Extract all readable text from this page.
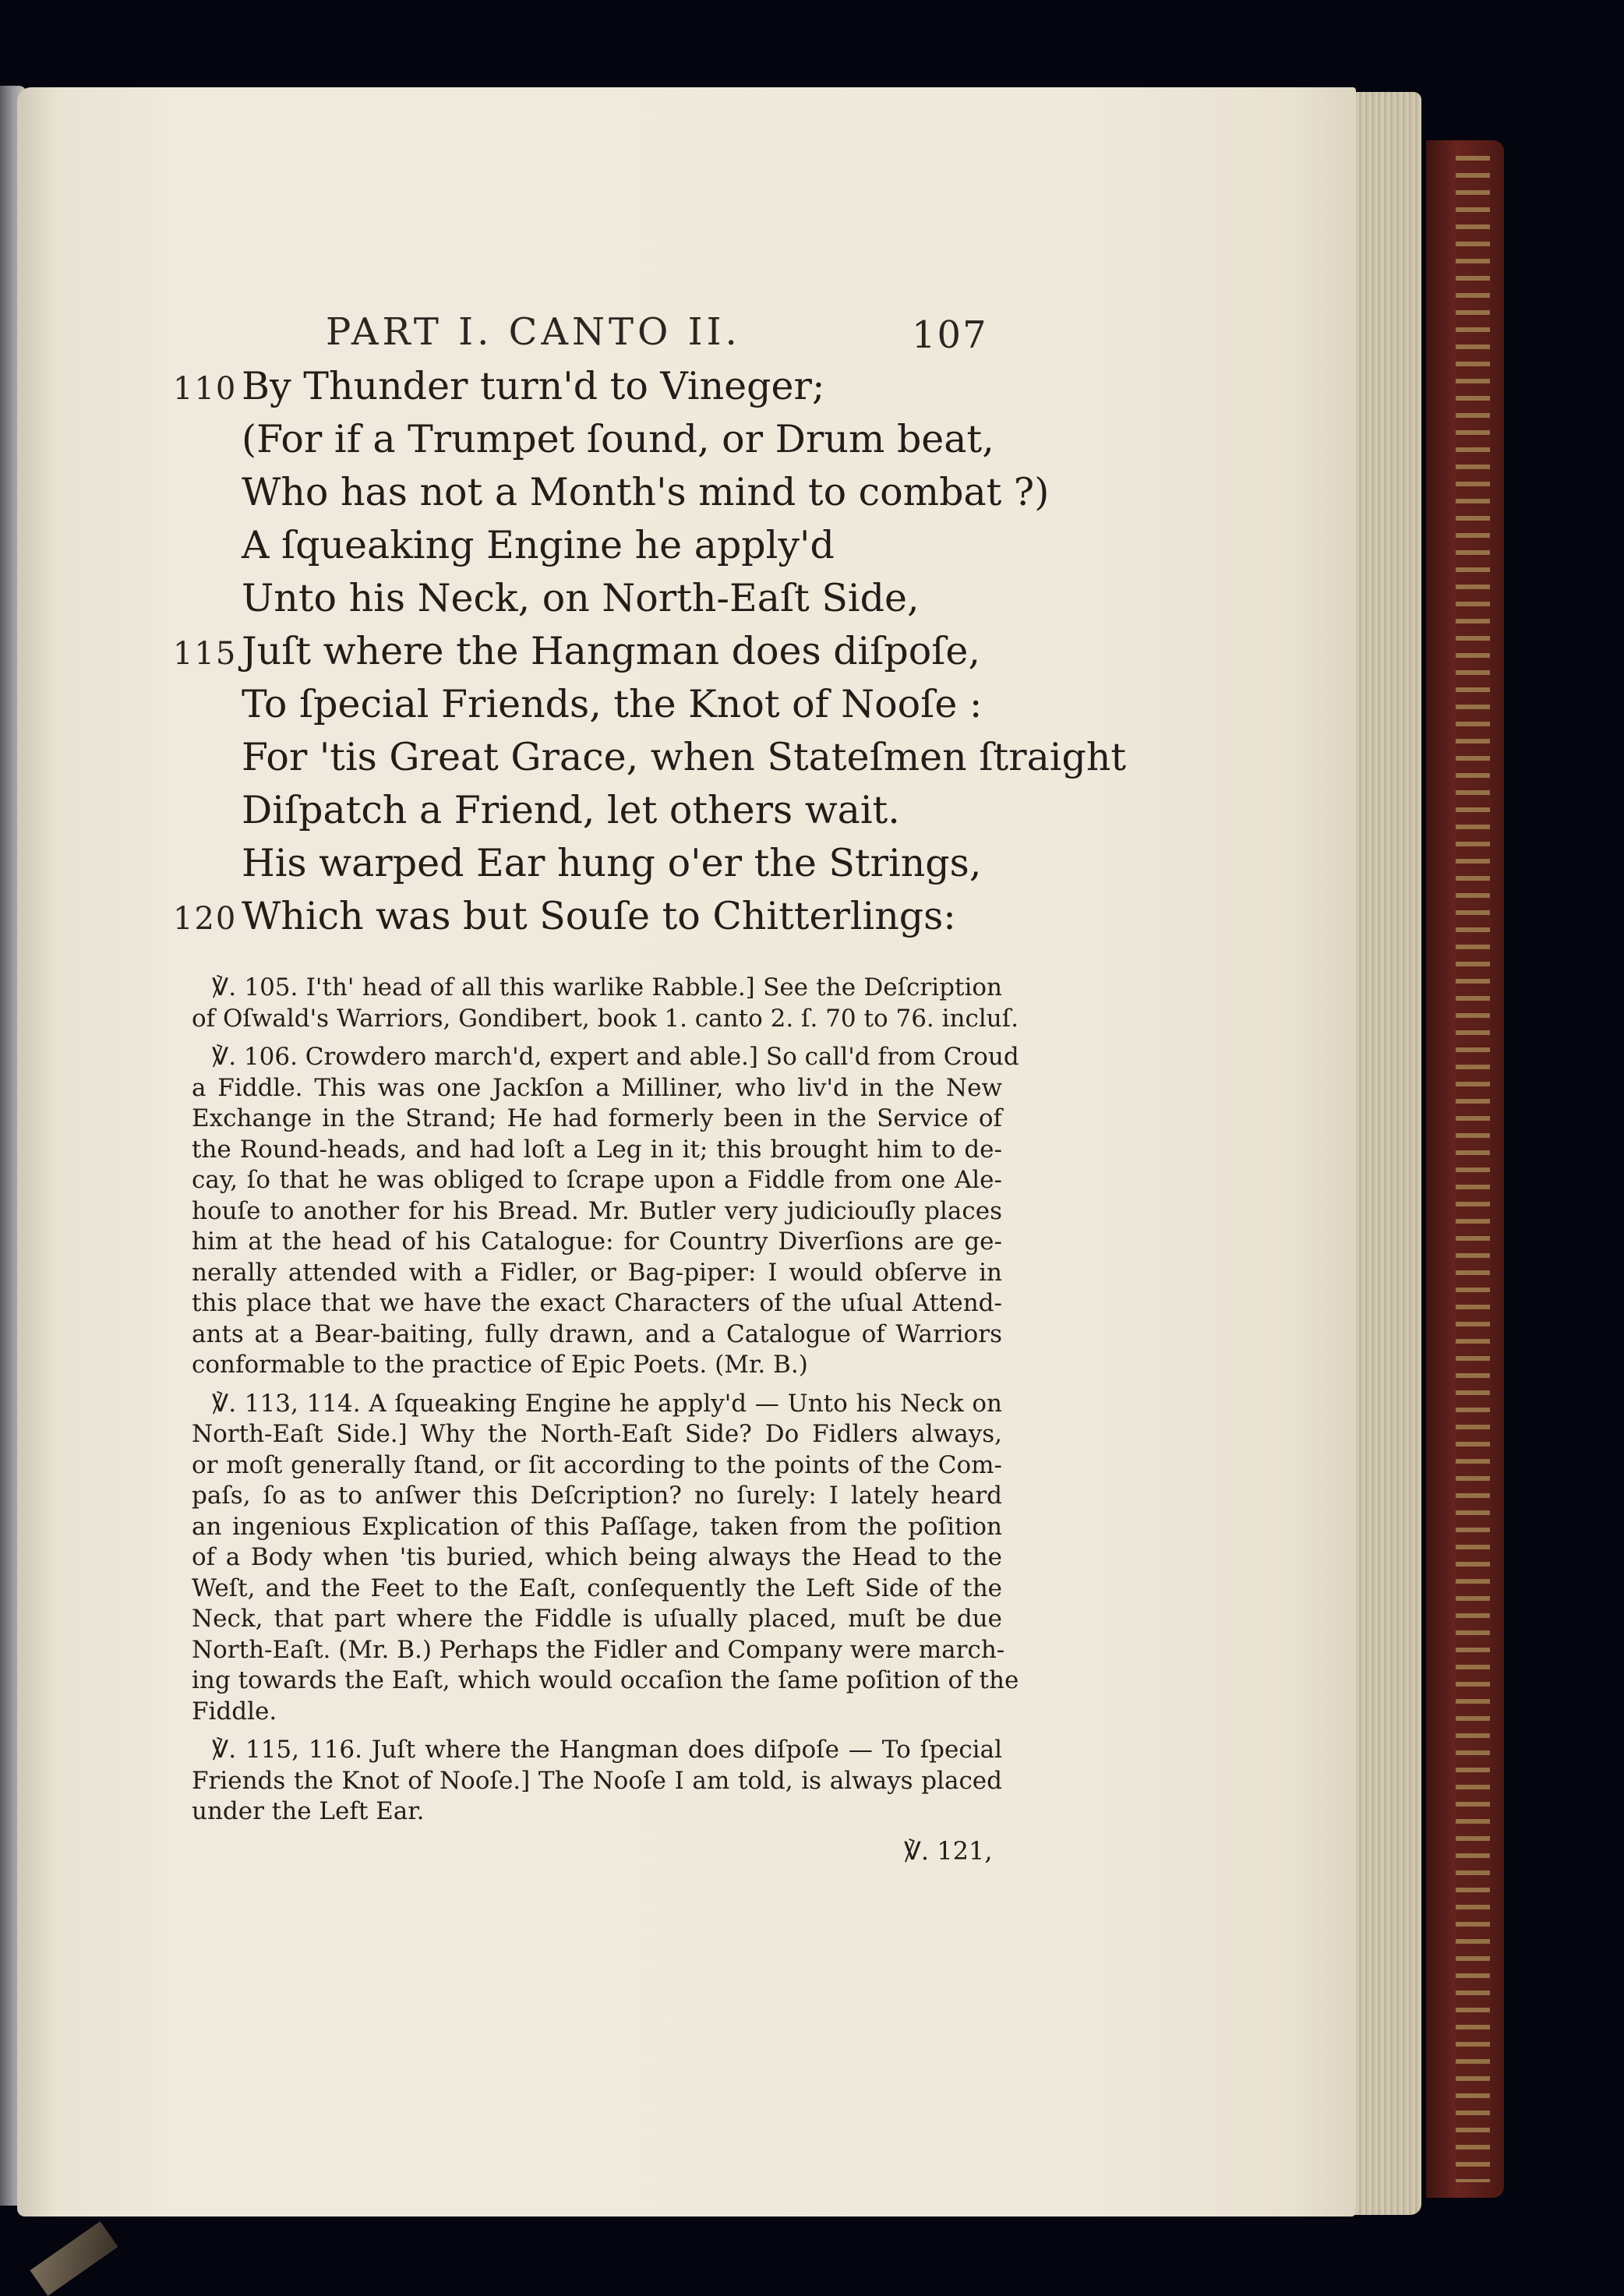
PART I. CANTO II.	107
110 By Thunder turn'd to Vineger;
(For if a Trumpet ſound, or Drum beat,
Who has not a Month's mind to combat ?)
A ſqueaking Engine he apply'd
Unto his Neck, on North-Eaſt Side,
115 Juſt where the Hangman does diſpoſe,
To ſpecial Friends, the Knot of Nooſe :
For 'tis Great Grace, when Stateſmen ſtraight
Diſpatch a Friend, let others wait.
His warped Ear hung o'er the Strings,
120 Which was but Souſe to Chitterlings:
℣. 105. I'th' head of all this warlike Rabble.] See the Deſcription
of Oſwald's Warriors, Gondibert, book 1. canto 2. ſ. 70 to 76. incluſ.
℣. 106. Crowdero march'd, expert and able.] So call'd from Croud
a Fiddle. This was one Jackſon a Milliner, who liv'd in the New
Exchange in the Strand; He had formerly been in the Service of
the Round-heads, and had loſt a Leg in it; this brought him to de-
cay, ſo that he was obliged to ſcrape upon a Fiddle from one Ale-
houſe to another for his Bread. Mr. Butler very judiciouſly places
him at the head of his Catalogue: for Country Diverſions are ge-
nerally attended with a Fidler, or Bag-piper: I would obſerve in
this place that we have the exact Characters of the uſual Attend-
ants at a Bear-baiting, fully drawn, and a Catalogue of Warriors
conformable to the practice of Epic Poets. (Mr. B.)
℣. 113, 114. A ſqueaking Engine he apply'd — Unto his Neck on
North-Eaſt Side.] Why the North-Eaſt Side? Do Fidlers always,
or moſt generally ſtand, or ſit according to the points of the Com-
paſs, ſo as to anſwer this Deſcription? no ſurely: I lately heard
an ingenious Explication of this Paſſage, taken from the poſition
of a Body when 'tis buried, which being always the Head to the
Weſt, and the Feet to the Eaſt, conſequently the Left Side of the
Neck, that part where the Fiddle is uſually placed, muſt be due
North-Eaſt. (Mr. B.) Perhaps the Fidler and Company were march-
ing towards the Eaſt, which would occaſion the ſame poſition of the
Fiddle.
℣. 115, 116. Juſt where the Hangman does diſpoſe — To ſpecial
Friends the Knot of Nooſe.] The Nooſe I am told, is always placed
under the Left Ear.
℣. 121,
